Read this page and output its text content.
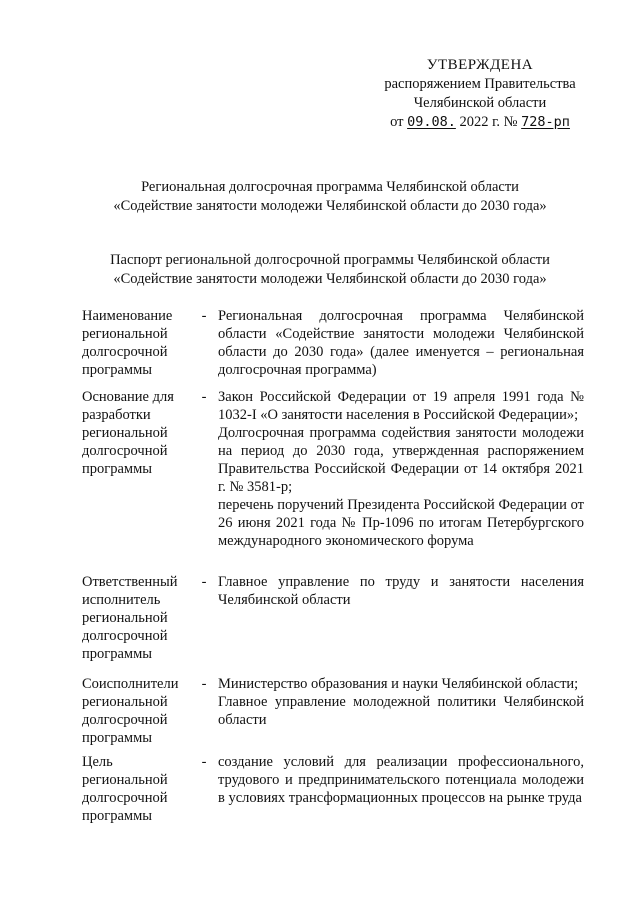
УТВЕРЖДЕНА
распоряжением Правительства
Челябинской области
от 09.08. 2022 г. № 728-рп
Региональная долгосрочная программа Челябинской области
«Содействие занятости молодежи Челябинской области до 2030 года»
Паспорт региональной долгосрочной программы Челябинской области
«Содействие занятости молодежи Челябинской области до 2030 года»
Наименование региональной долгосрочной программы
- Региональная долгосрочная программа Челябинской области «Содействие занятости молодежи Челябинской области до 2030 года» (далее именуется – региональная долгосрочная программа)

Основание для разработки региональной долгосрочной программы
- Закон Российской Федерации от 19 апреля 1991 года № 1032-I «О занятости населения в Российской Федерации»;

Долгосрочная программа содействия занятости молодежи на период до 2030 года, утвержденная распоряжением Правительства Российской Федерации от 14 октября 2021 г. № 3581-р;

перечень поручений Президента Российской Федерации от 26 июня 2021 года № Пр-1096 по итогам Петербургского международного экономического форума

Ответственный исполнитель региональной долгосрочной программы
- Главное управление по труду и занятости населения Челябинской области

Соисполнители региональной долгосрочной программы
- Министерство образования и науки Челябинской области;

Главное управление молодежной политики Челябинской области

Цель региональной долгосрочной программы
- создание условий для реализации профессионального, трудового и предпринимательского потенциала молодежи в условиях трансформационных процессов на рынке труда
